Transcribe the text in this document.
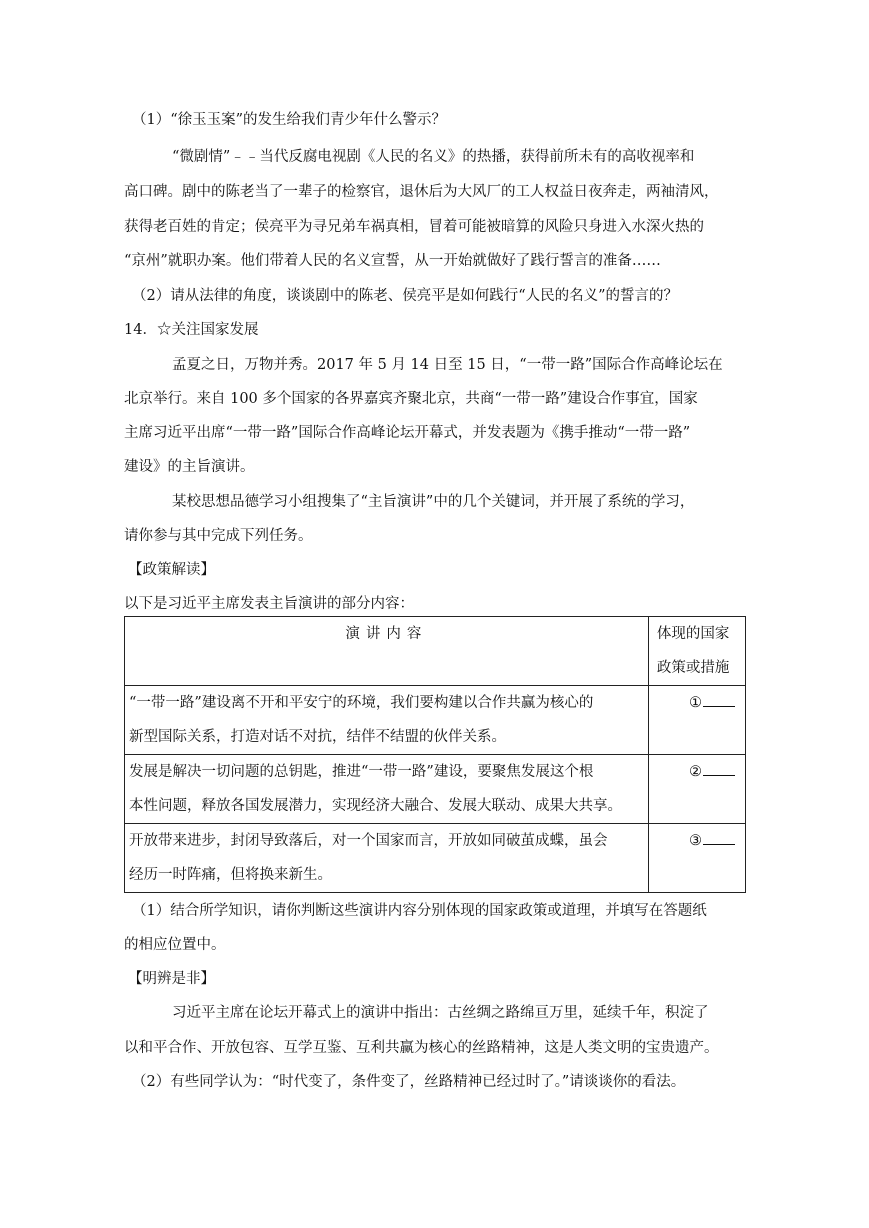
（1）“徐玉玉案”的发生给我们青少年什么警示？
“微剧情”﹣﹣当代反腐电视剧《人民的名义》的热播，获得前所未有的高收视率和
高口碑。剧中的陈老当了一辈子的检察官，退休后为大风厂的工人权益日夜奔走，两袖清风，
获得老百姓的肯定；侯亮平为寻兄弟车祸真相，冒着可能被暗算的风险只身进入水深火热的
“京州”就职办案。他们带着人民的名义宣誓，从一开始就做好了践行誓言的准备……
（2）请从法律的角度，谈谈剧中的陈老、侯亮平是如何践行“人民的名义”的誓言的？
14．☆关注国家发展
孟夏之日，万物并秀。2017 年 5 月 14 日至 15 日，“一带一路”国际合作高峰论坛在
北京举行。来自 100 多个国家的各界嘉宾齐聚北京，共商“一带一路”建设合作事宜，国家
主席习近平出席“一带一路”国际合作高峰论坛开幕式，并发表题为《携手推动“一带一路”
建设》的主旨演讲。
某校思想品德学习小组搜集了“主旨演讲”中的几个关键词，并开展了系统的学习，
请你参与其中完成下列任务。
【政策解读】
以下是习近平主席发表主旨演讲的部分内容：
演讲内容	体现的国家
政策或措施

“一带一路”建设离不开和平安宁的环境，我们要构建以合作共赢为核心的
新型国际关系，打造对话不对抗，结伴不结盟的伙伴关系。	①

发展是解决一切问题的总钥匙，推进“一带一路”建设，要聚焦发展这个根
本性问题，释放各国发展潜力，实现经济大融合、发展大联动、成果大共享。	②

开放带来进步，封闭导致落后，对一个国家而言，开放如同破茧成蝶，虽会
经历一时阵痛，但将换来新生。	③
（1）结合所学知识，请你判断这些演讲内容分别体现的国家政策或道理，并填写在答题纸
的相应位置中。
【明辨是非】
习近平主席在论坛开幕式上的演讲中指出：古丝绸之路绵亘万里，延续千年，积淀了
以和平合作、开放包容、互学互鉴、互利共赢为核心的丝路精神，这是人类文明的宝贵遗产。
（2）有些同学认为：“时代变了，条件变了，丝路精神已经过时了。”请谈谈你的看法。
